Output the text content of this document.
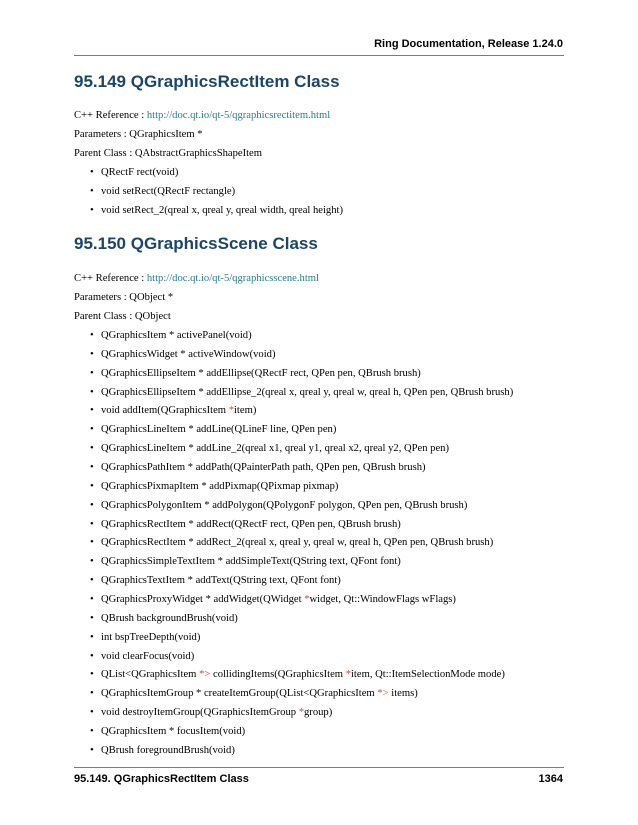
Ring Documentation, Release 1.24.0
95.149 QGraphicsRectItem Class
C++ Reference : http://doc.qt.io/qt-5/qgraphicsrectitem.html
Parameters : QGraphicsItem *
Parent Class : QAbstractGraphicsShapeItem
• QRectF rect(void)
• void setRect(QRectF rectangle)
• void setRect_2(qreal x, qreal y, qreal width, qreal height)
95.150 QGraphicsScene Class
C++ Reference : http://doc.qt.io/qt-5/qgraphicsscene.html
Parameters : QObject *
Parent Class : QObject
• QGraphicsItem * activePanel(void)
• QGraphicsWidget * activeWindow(void)
• QGraphicsEllipseItem * addEllipse(QRectF rect, QPen pen, QBrush brush)
• QGraphicsEllipseItem * addEllipse_2(qreal x, qreal y, qreal w, qreal h, QPen pen, QBrush brush)
• void addItem(QGraphicsItem *item)
• QGraphicsLineItem * addLine(QLineF line, QPen pen)
• QGraphicsLineItem * addLine_2(qreal x1, qreal y1, qreal x2, qreal y2, QPen pen)
• QGraphicsPathItem * addPath(QPainterPath path, QPen pen, QBrush brush)
• QGraphicsPixmapItem * addPixmap(QPixmap pixmap)
• QGraphicsPolygonItem * addPolygon(QPolygonF polygon, QPen pen, QBrush brush)
• QGraphicsRectItem * addRect(QRectF rect, QPen pen, QBrush brush)
• QGraphicsRectItem * addRect_2(qreal x, qreal y, qreal w, qreal h, QPen pen, QBrush brush)
• QGraphicsSimpleTextItem * addSimpleText(QString text, QFont font)
• QGraphicsTextItem * addText(QString text, QFont font)
• QGraphicsProxyWidget * addWidget(QWidget *widget, Qt::WindowFlags wFlags)
• QBrush backgroundBrush(void)
• int bspTreeDepth(void)
• void clearFocus(void)
• QList<QGraphicsItem *> collidingItems(QGraphicsItem *item, Qt::ItemSelectionMode mode)
• QGraphicsItemGroup * createItemGroup(QList<QGraphicsItem *> items)
• void destroyItemGroup(QGraphicsItemGroup *group)
• QGraphicsItem * focusItem(void)
• QBrush foregroundBrush(void)
95.149. QGraphicsRectItem Class	1364
